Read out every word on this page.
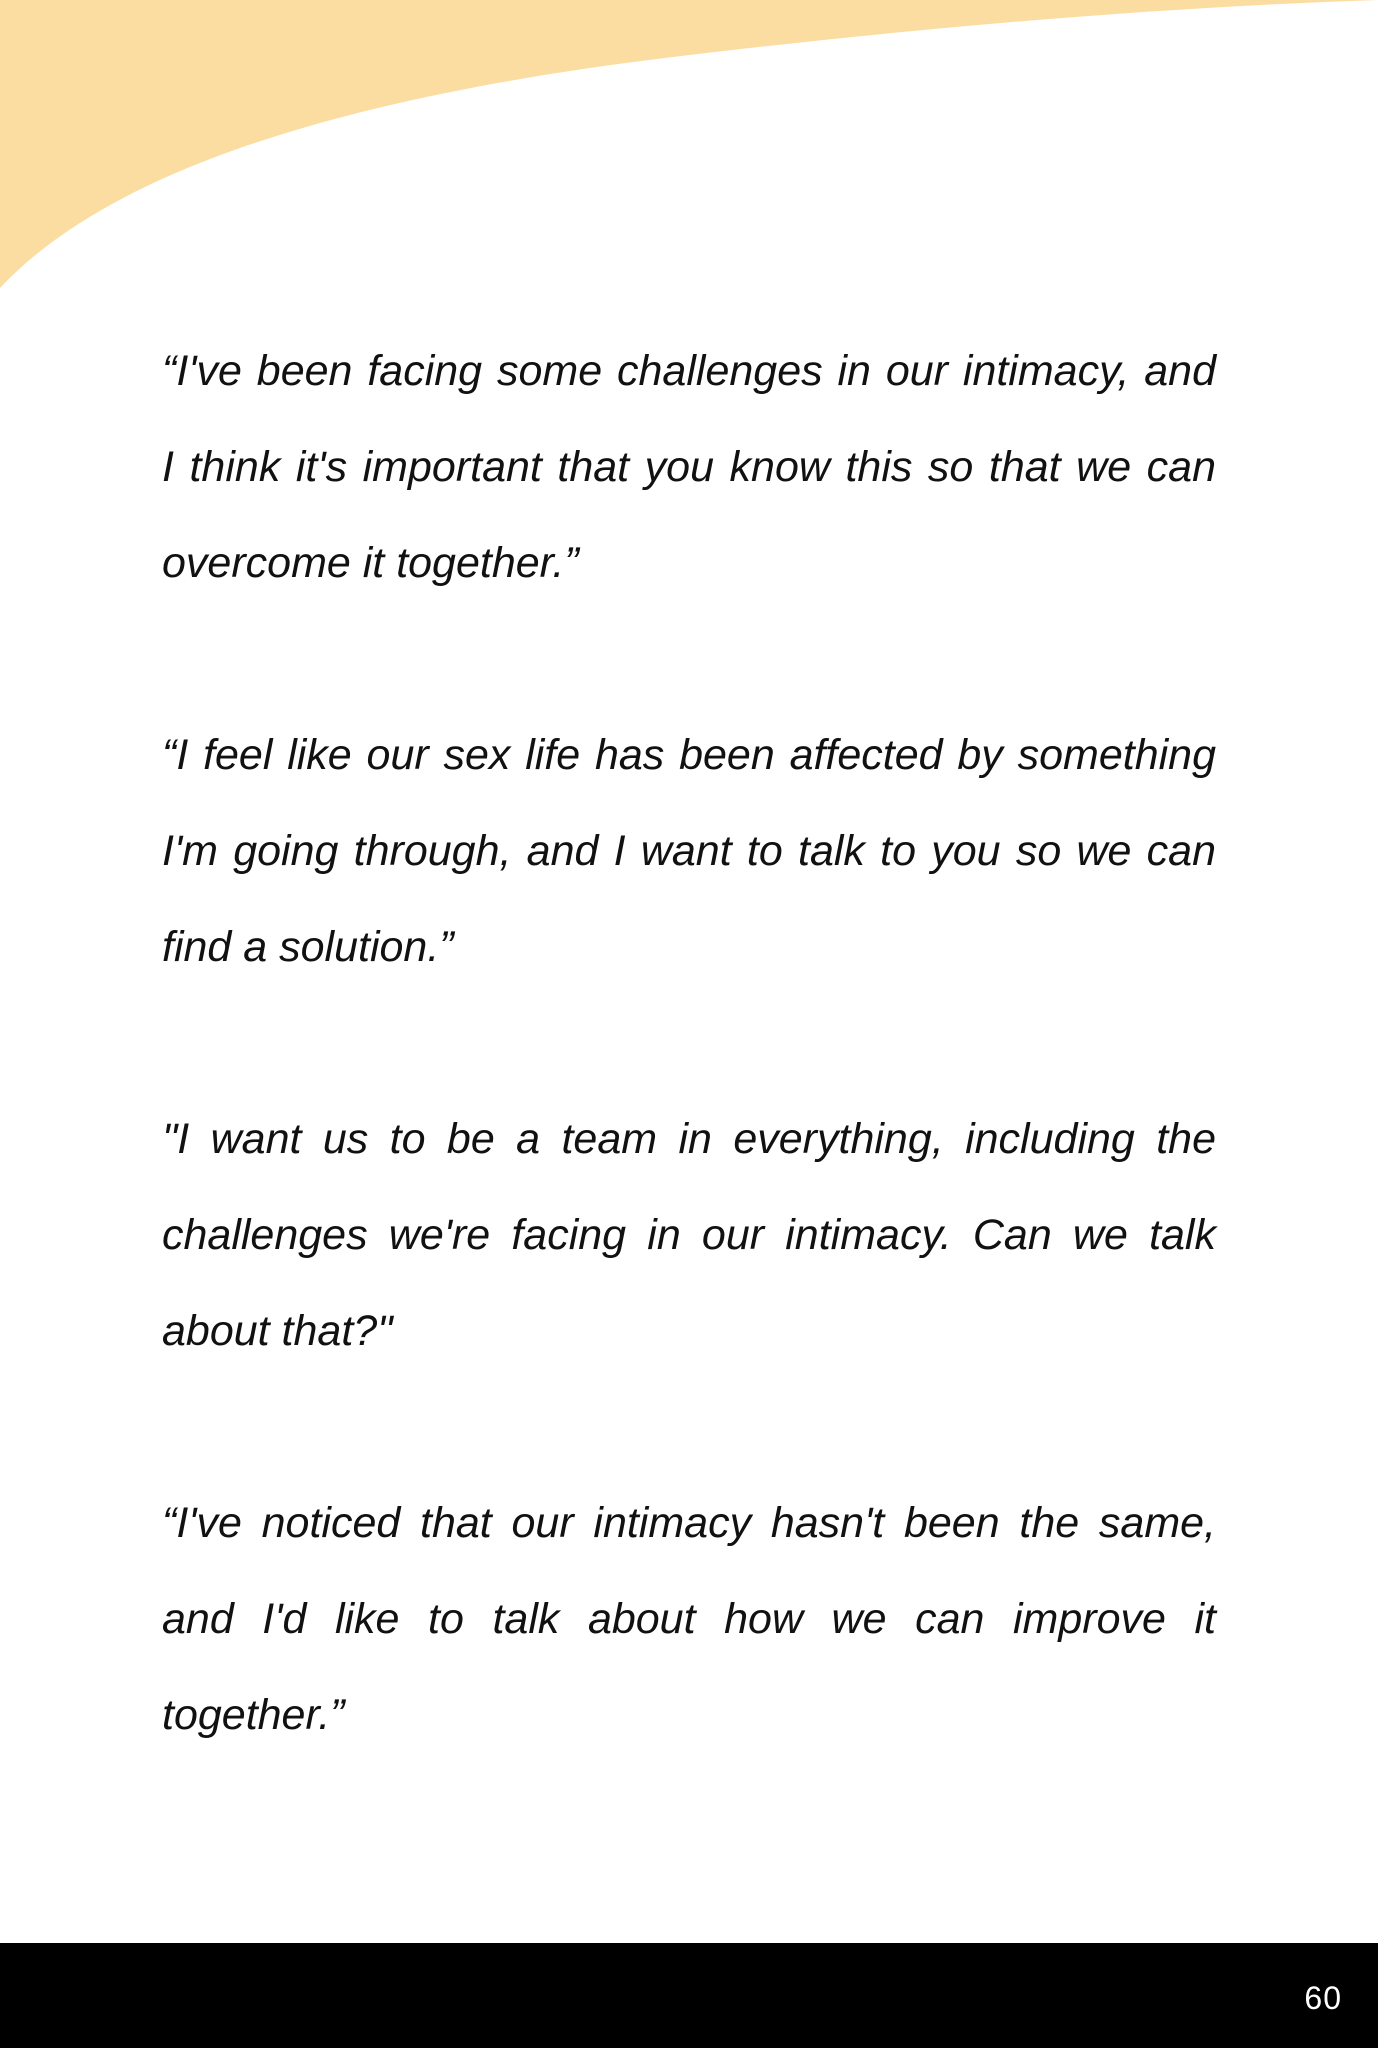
“I've been facing some challenges in our intimacy, and I think it's important that you know this so that we can overcome it together.”

“I feel like our sex life has been affected by something I'm going through, and I want to talk to you so we can find a solution.”

"I want us to be a team in everything, including the challenges we're facing in our intimacy. Can we talk about that?"

“I've noticed that our intimacy hasn't been the same, and I'd like to talk about how we can improve it together.”

60
